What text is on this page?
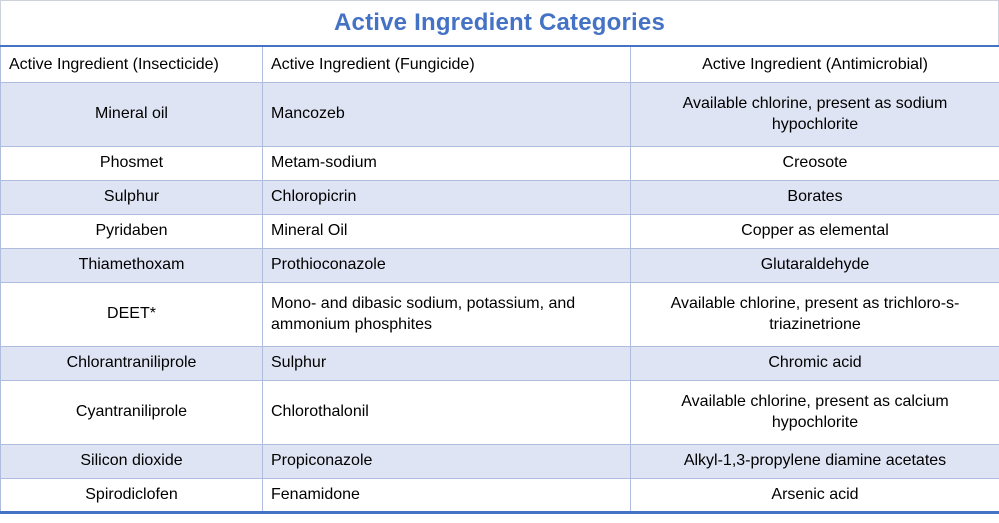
Active Ingredient Categories
Active Ingredient (Insecticide)	Active Ingredient (Fungicide)	Active Ingredient (Antimicrobial)
Mineral oil	Mancozeb	Available chlorine, present as sodium hypochlorite
Phosmet	Metam-sodium	Creosote
Sulphur	Chloropicrin	Borates
Pyridaben	Mineral Oil	Copper as elemental
Thiamethoxam	Prothioconazole	Glutaraldehyde
DEET*	Mono- and dibasic sodium, potassium, and ammonium phosphites	Available chlorine, present as trichloro-s-triazinetrione
Chlorantraniliprole	Sulphur	Chromic acid
Cyantraniliprole	Chlorothalonil	Available chlorine, present as calcium hypochlorite
Silicon dioxide	Propiconazole	Alkyl-1,3-propylene diamine acetates
Spirodiclofen	Fenamidone	Arsenic acid
